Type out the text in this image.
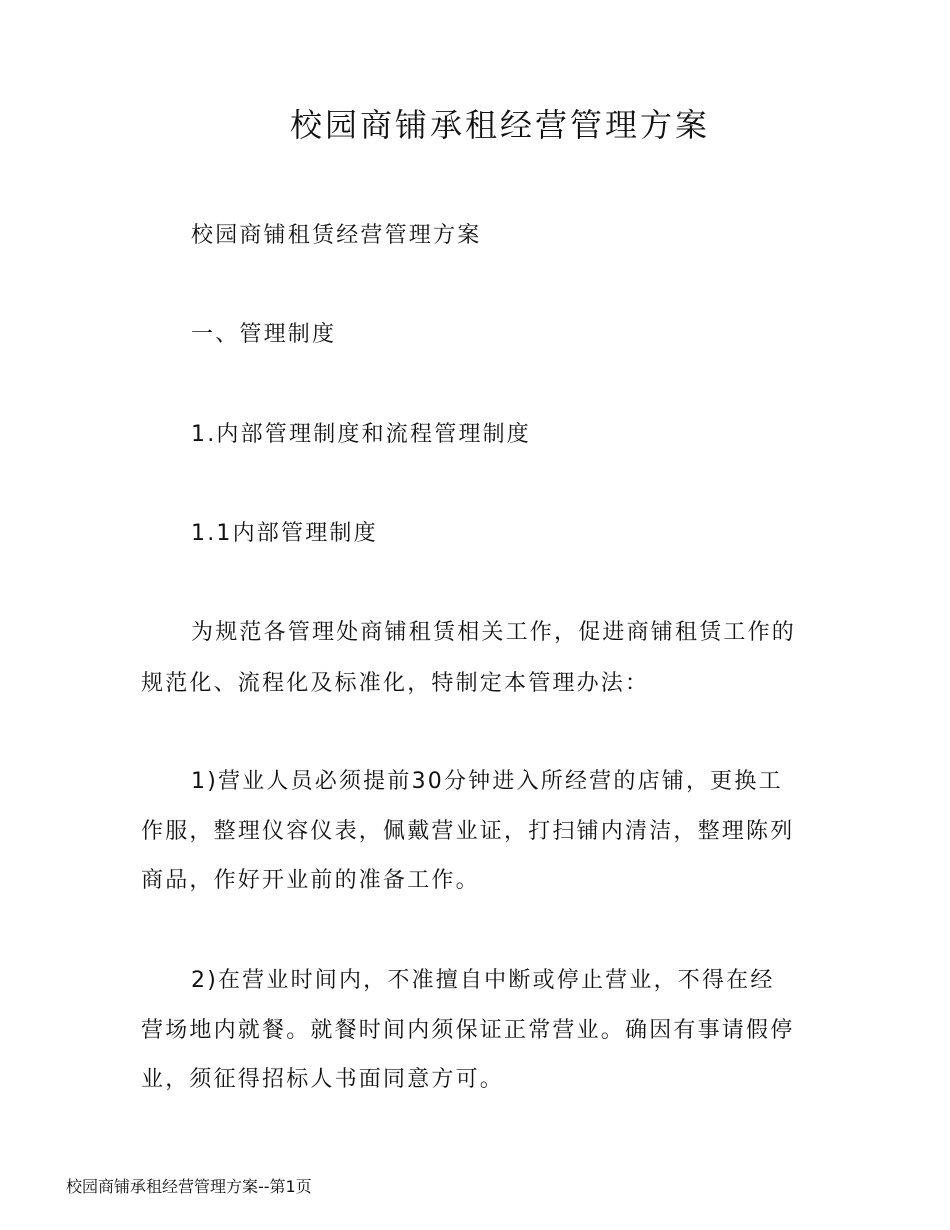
校园商铺承租经营管理方案

校园商铺租赁经营管理方案

一、管理制度

1.内部管理制度和流程管理制度

1.1内部管理制度

为规范各管理处商铺租赁相关工作，促进商铺租赁工作的

规范化、流程化及标准化，特制定本管理办法：

1)营业人员必须提前30分钟进入所经营的店铺，更换工

作服，整理仪容仪表，佩戴营业证，打扫铺内清洁，整理陈列

商品，作好开业前的准备工作。

2)在营业时间内，不准擅自中断或停止营业，不得在经

营场地内就餐。就餐时间内须保证正常营业。确因有事请假停

业，须征得招标人书面同意方可。

校园商铺承租经营管理方案--第1页
